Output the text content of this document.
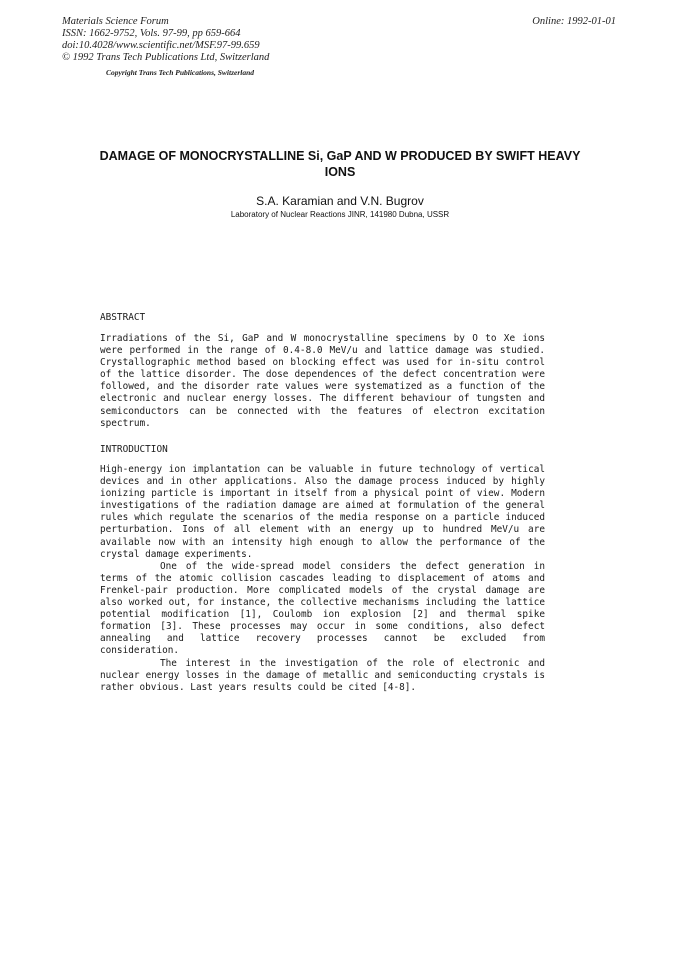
Materials Science Forum
ISSN: 1662-9752, Vols. 97-99, pp 659-664
doi:10.4028/www.scientific.net/MSF.97-99.659
© 1992 Trans Tech Publications Ltd, Switzerland
Copyright Trans Tech Publications, Switzerland
Online: 1992-01-01
DAMAGE OF MONOCRYSTALLINE Si, GaP AND W PRODUCED BY SWIFT HEAVY IONS
S.A. Karamian and V.N. Bugrov
Laboratory of Nuclear Reactions JINR, 141980 Dubna, USSR
ABSTRACT

Irradiations of the Si, GaP and W monocrystalline specimens by O to Xe ions were performed in the range of 0.4-8.0 MeV/u and lattice damage was studied. Crystallographic method based on blocking effect was used for in-situ control of the lattice disorder. The dose dependences of the defect concentration were followed, and the disorder rate values were systematized as a function of the electronic and nuclear energy losses. The different behaviour of tungsten and semiconductors can be connected with the features of electron excitation spectrum.

INTRODUCTION

High-energy ion implantation can be valuable in future technology of vertical devices and in other applications. Also the damage process induced by highly ionizing particle is important in itself from a physical point of view. Modern investigations of the radiation damage are aimed at formulation of the general rules which regulate the scenarios of the media response on a particle induced perturbation. Ions of all element with an energy up to hundred MeV/u are available now with an intensity high enough to allow the performance of the crystal damage experiments.

One of the wide-spread model considers the defect generation in terms of the atomic collision cascades leading to displacement of atoms and Frenkel-pair production. More complicated models of the crystal damage are also worked out, for instance, the collective mechanisms including the lattice potential modification [1], Coulomb ion explosion [2] and thermal spike formation [3]. These processes may occur in some conditions, also defect annealing and lattice recovery processes cannot be excluded from consideration.

The interest in the investigation of the role of electronic and nuclear energy losses in the damage of metallic and semiconducting crystals is rather obvious. Last years results could be cited [4-8].
